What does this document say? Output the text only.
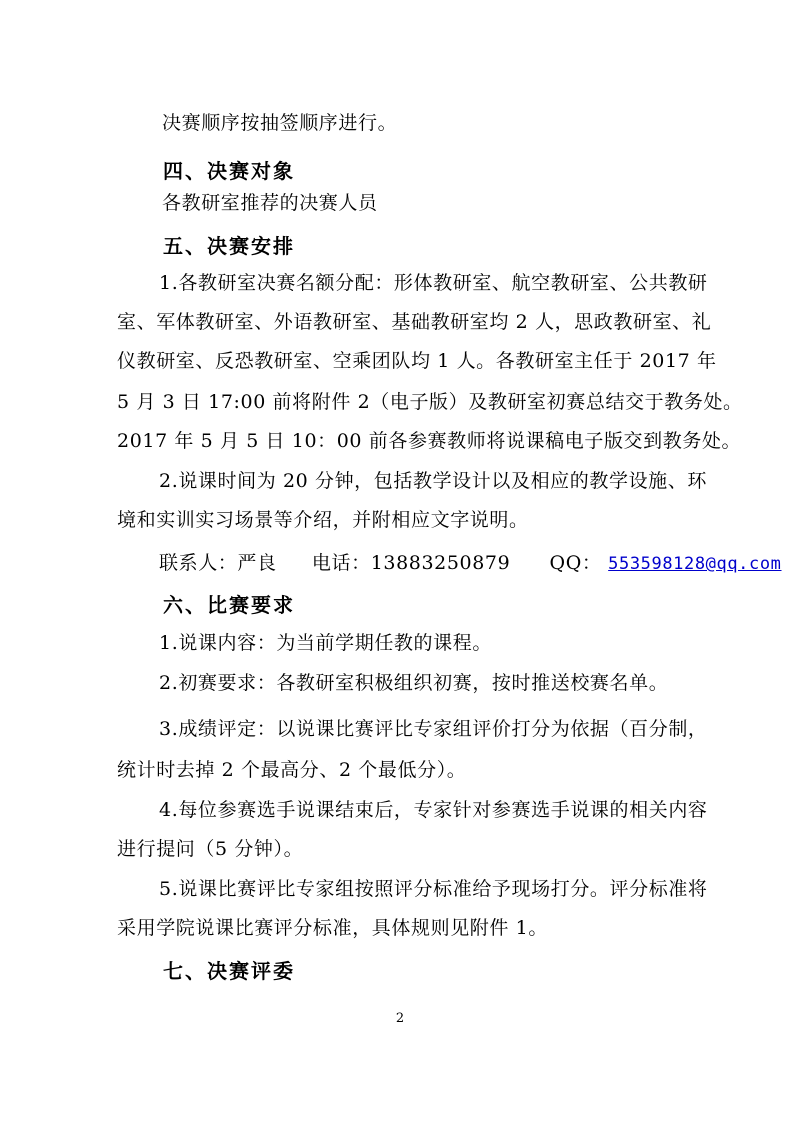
决赛顺序按抽签顺序进行。
四、决赛对象
各教研室推荐的决赛人员
五、决赛安排
1.各教研室决赛名额分配：形体教研室、航空教研室、公共教研
室、军体教研室、外语教研室、基础教研室均 2 人，思政教研室、礼
仪教研室、反恐教研室、空乘团队均 1 人。各教研室主任于 2017 年
5 月 3 日 17:00 前将附件 2（电子版）及教研室初赛总结交于教务处。
2017 年 5 月 5 日 10：00 前各参赛教师将说课稿电子版交到教务处。
2.说课时间为 20 分钟，包括教学设计以及相应的教学设施、环
境和实训实习场景等介绍，并附相应文字说明。
联系人：严良 电话：13883250879 QQ： 553598128@qq.com
六、比赛要求
1.说课内容：为当前学期任教的课程。
2.初赛要求：各教研室积极组织初赛，按时推送校赛名单。
3.成绩评定：以说课比赛评比专家组评价打分为依据（百分制，
统计时去掉 2 个最高分、2 个最低分）。
4.每位参赛选手说课结束后，专家针对参赛选手说课的相关内容
进行提问（5 分钟）。
5.说课比赛评比专家组按照评分标准给予现场打分。评分标准将
采用学院说课比赛评分标准，具体规则见附件 1。
七、决赛评委
2
